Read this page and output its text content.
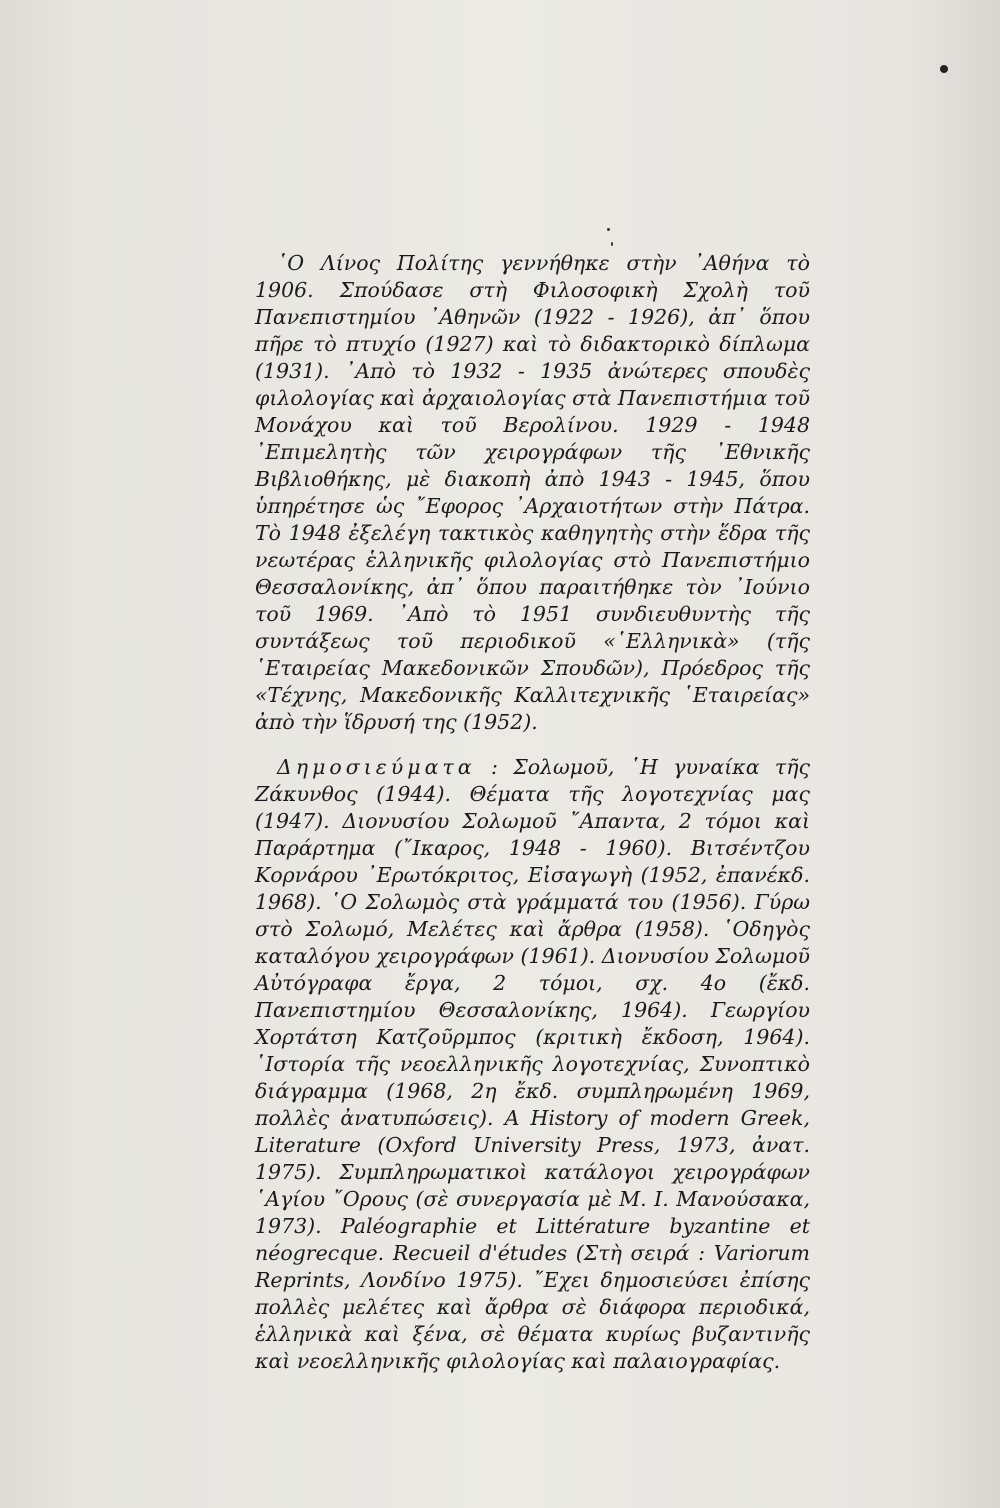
῾Ο Λίνος Πολίτης γεννήθηκε στὴν ᾿Αθήνα τὸ 1906. Σπούδασε στὴ Φιλοσοφικὴ Σχολὴ τοῦ Πανεπιστημίου ᾿Αθηνῶν (1922 - 1926), ἀπ᾿ ὅπου πῆρε τὸ πτυχίο (1927) καὶ τὸ διδακτορικὸ δίπλωμα (1931). ᾿Απὸ τὸ 1932 - 1935 ἀνώτερες σπουδὲς φιλολογίας καὶ ἀρχαιολογίας στὰ Πανεπιστήμια τοῦ Μονάχου καὶ τοῦ Βερολίνου. 1929 - 1948 ᾿Επιμελητὴς τῶν χειρογράφων τῆς ᾿Εθνικῆς Βιβλιοθήκης, μὲ διακοπὴ ἀπὸ 1943 - 1945, ὅπου ὑπηρέτησε ὡς ῎Εφορος ᾿Αρχαιοτήτων στὴν Πάτρα. Τὸ 1948 ἐξελέγη τακτικὸς καθηγητὴς στὴν ἕδρα τῆς νεωτέρας ἑλληνικῆς φιλολογίας στὸ Πανεπιστήμιο Θεσσαλονίκης, ἀπ᾿ ὅπου παραιτήθηκε τὸν ᾿Ιούνιο τοῦ 1969. ᾿Απὸ τὸ 1951 συνδιευθυντὴς τῆς συντάξεως τοῦ περιοδικοῦ «῾Ελληνικὰ» (τῆς ῾Εταιρείας Μακεδονικῶν Σπουδῶν), Πρόεδρος τῆς «Τέχνης, Μακεδονικῆς Καλλιτεχνικῆς ῾Εταιρείας» ἀπὸ τὴν ἵδρυσή της (1952).

Δημοσιεύματα : Σολωμοῦ, ῾Η γυναίκα τῆς Ζάκυνθος (1944). Θέματα τῆς λογοτεχνίας μας (1947). Διονυσίου Σολωμοῦ ῎Απαντα, 2 τόμοι καὶ Παράρτημα (῎Ικαρος, 1948 - 1960). Βιτσέντζου Κορνάρου ᾿Ερωτόκριτος, Εἰσαγωγὴ (1952, ἐπανέκδ. 1968). ῾Ο Σολωμὸς στὰ γράμματά του (1956). Γύρω στὸ Σολωμό, Μελέτες καὶ ἄρθρα (1958). ῾Οδηγὸς καταλόγου χειρογράφων (1961). Διονυσίου Σολωμοῦ Αὐτόγραφα ἔργα, 2 τόμοι, σχ. 4ο (ἔκδ. Πανεπιστημίου Θεσσαλονίκης, 1964). Γεωργίου Χορτάτση Κατζοῦρμπος (κριτικὴ ἔκδοση, 1964). ῾Ιστορία τῆς νεοελληνικῆς λογοτεχνίας, Συνοπτικὸ διάγραμμα (1968, 2η ἔκδ. συμπληρωμένη 1969, πολλὲς ἀνατυπώσεις). A History of modern Greek, Literature (Oxford University Press, 1973, ἀνατ. 1975). Συμπληρωματικοὶ κατάλογοι χειρογράφων ῾Αγίου ῎Ορους (σὲ συνεργασία μὲ Μ. Ι. Μανούσακα, 1973). Paléographie et Littérature byzantine et néogrecque. Recueil d'études (Στὴ σειρά : Variorum Reprints, Λονδίνο 1975). ῎Εχει δημοσιεύσει ἐπίσης πολλὲς μελέτες καὶ ἄρθρα σὲ διάφορα περιοδικά, ἑλληνικὰ καὶ ξένα, σὲ θέματα κυρίως βυζαντινῆς καὶ νεοελληνικῆς φιλολογίας καὶ παλαιογραφίας.
